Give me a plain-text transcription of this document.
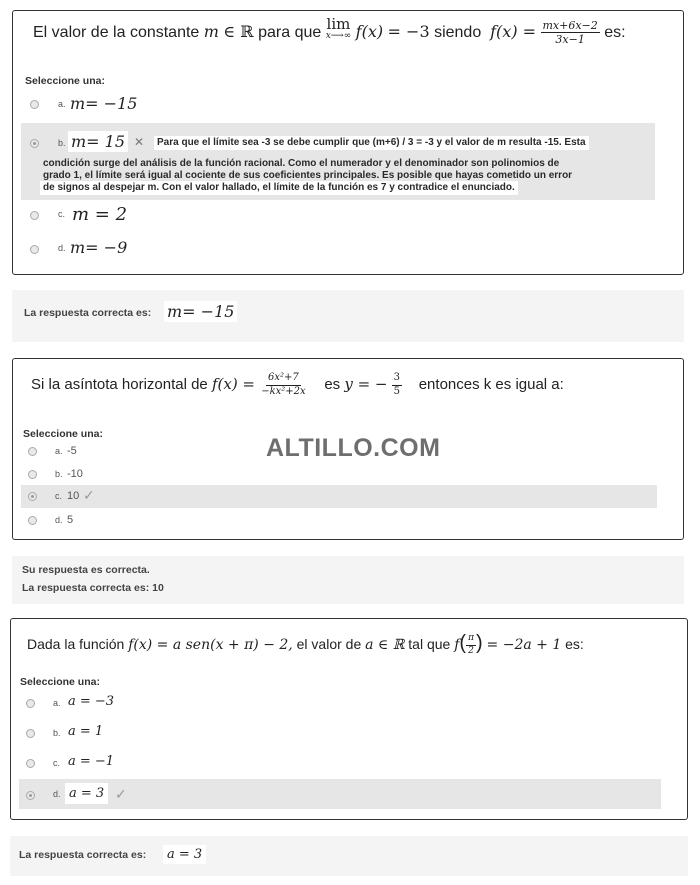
El valor de la constante m ∈ ℝ para que lim
x⟶∞ f(x) = −3 siendo $f(x) = \frac{mx+6x-2}{3x-1}$ es:
Seleccione una:
a. m= −15
b. m= 15 ✕	Para que el límite sea -3 se debe cumplir que (m+6) / 3 = -3 y el valor de m resulta -15. Esta
condición surge del análisis de la función racional. Como el numerador y el denominador son polinomios de
grado 1, el límite será igual al cociente de sus coeficientes principales. Es posible que hayas cometido un error
de signos al despejar m. Con el valor hallado, el límite de la función es 7 y contradice el enunciado.
c. m = 2
d. m= −9
La respuesta correcta es: m= −15
Si la asíntota horizontal de $f(x) = \frac{\text{6x²+7}}{\text{−kx²+2x}}$ es y = − $\frac{3}{5}$ entonces k es igual a:
Seleccione una:
a. -5
b. -10
c. 10 ✓
d. 5
ALTILLO.COM
Su respuesta es correcta.
La respuesta correcta es: 10
Dada la función f(x) = a sen(x + π) − 2, el valor de a ∈ ℝ tal que $f( \frac{\pi}{2}$ ) = −2a + 1 es:
Seleccione una:
a. a = −3
b. a = 1
c. a = −1
d. a = 3 ✓
La respuesta correcta es:	a = 3
